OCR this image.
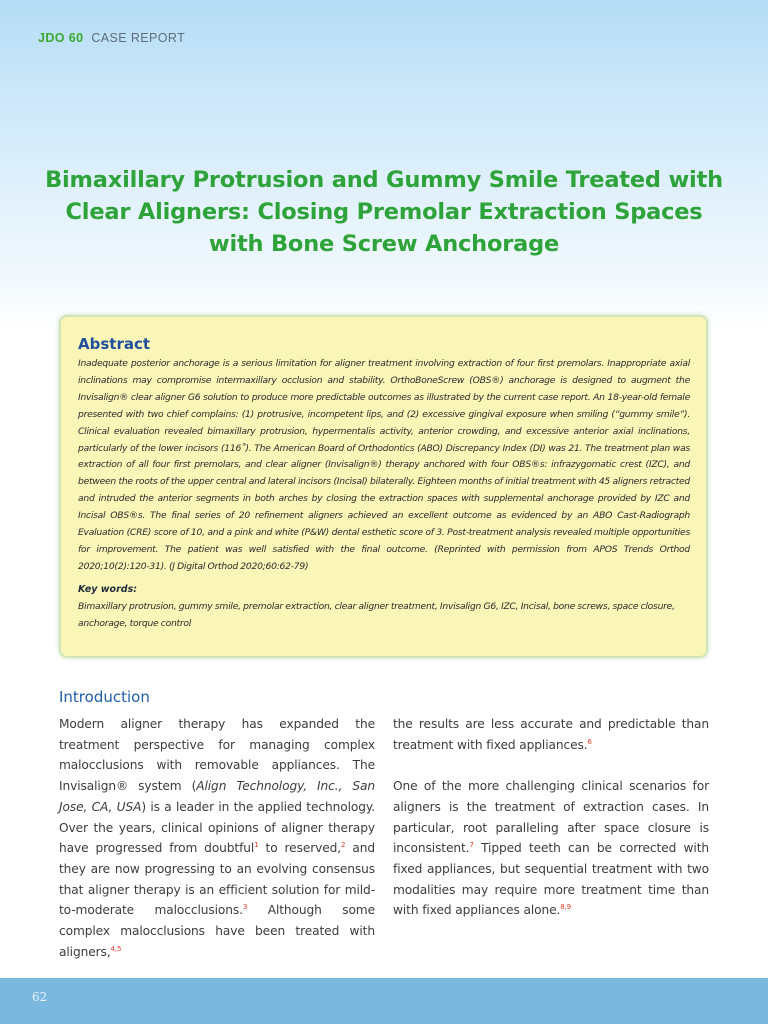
JDO 60 CASE REPORT
Bimaxillary Protrusion and Gummy Smile Treated with Clear Aligners: Closing Premolar Extraction Spaces with Bone Screw Anchorage
Abstract

Inadequate posterior anchorage is a serious limitation for aligner treatment involving extraction of four first premolars. Inappropriate axial inclinations may compromise intermaxillary occlusion and stability. OrthoBoneScrew (OBS®) anchorage is designed to augment the Invisalign® clear aligner G6 solution to produce more predictable outcomes as illustrated by the current case report. An 18-year-old female presented with two chief complains: (1) protrusive, incompetent lips, and (2) excessive gingival exposure when smiling (“gummy smile”). Clinical evaluation revealed bimaxillary protrusion, hypermentalis activity, anterior crowding, and excessive anterior axial inclinations, particularly of the lower incisors (116˚). The American Board of Orthodontics (ABO) Discrepancy Index (DI) was 21. The treatment plan was extraction of all four first premolars, and clear aligner (Invisalign®) therapy anchored with four OBS®s: infrazygomatic crest (IZC), and between the roots of the upper central and lateral incisors (Incisal) bilaterally. Eighteen months of initial treatment with 45 aligners retracted and intruded the anterior segments in both arches by closing the extraction spaces with supplemental anchorage provided by IZC and Incisal OBS®s. The final series of 20 refinement aligners achieved an excellent outcome as evidenced by an ABO Cast-Radiograph Evaluation (CRE) score of 10, and a pink and white (P&W) dental esthetic score of 3. Post-treatment analysis revealed multiple opportunities for improvement. The patient was well satisfied with the final outcome. (Reprinted with permission from APOS Trends Orthod 2020;10(2):120-31). (J Digital Orthod 2020;60:62-79)

Key words:

Bimaxillary protrusion, gummy smile, premolar extraction, clear aligner treatment, Invisalign G6, IZC, Incisal, bone screws, space closure, anchorage, torque control

Introduction

Modern aligner therapy has expanded the treatment perspective for managing complex malocclusions with removable appliances. The Invisalign® system (Align Technology, Inc., San Jose, CA, USA) is a leader in the applied technology. Over the years, clinical opinions of aligner therapy have progressed from doubtful$^1$ to reserved,$^2$ and they are now progressing to an evolving consensus that aligner therapy is an efficient solution for mild-to-moderate malocclusions.$^3$ Although some complex malocclusions have been treated with aligners,$^{4,5}$

the results are less accurate and predictable than treatment with fixed appliances.$^6$

One of the more challenging clinical scenarios for aligners is the treatment of extraction cases. In particular, root paralleling after space closure is inconsistent.$^7$ Tipped teeth can be corrected with fixed appliances, but sequential treatment with two modalities may require more treatment time than with fixed appliances alone.$^{8,9}$

62
